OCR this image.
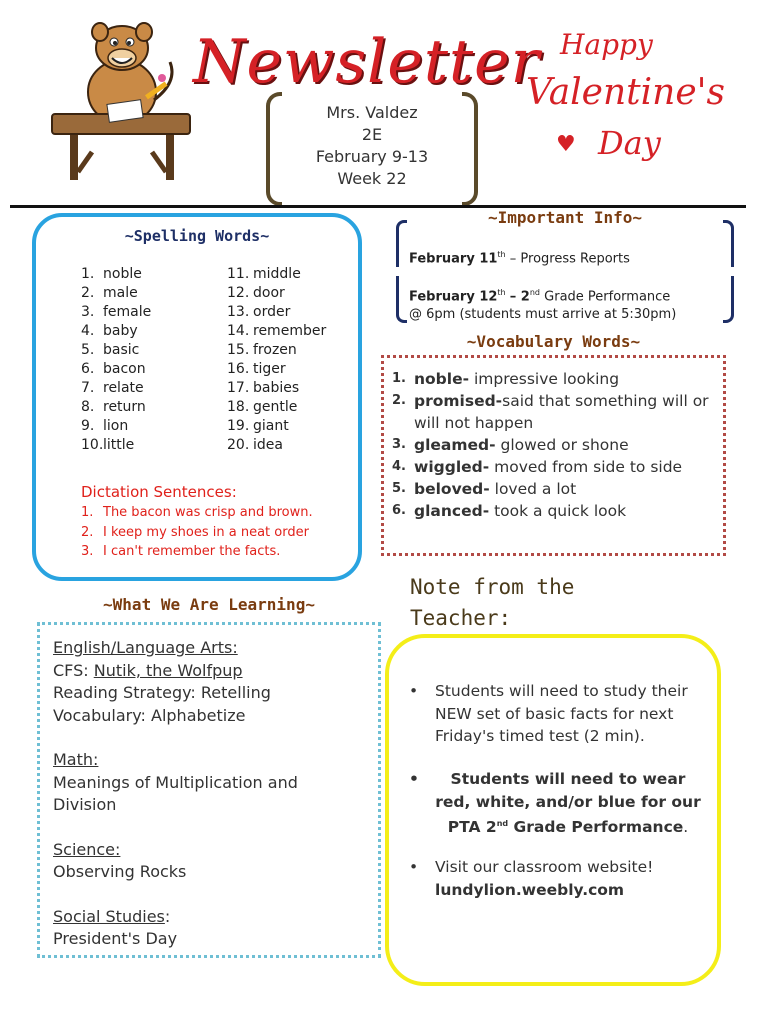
Newsletter
Mrs. Valdez
2E
February 9-13
Week 22
Happy
Valentine's
Day
♥
~Spelling Words~
1. noble
2. male
3. female
4. baby
5. basic
6. bacon
7. relate
8. return
9. lion
10.little
11. middle
12. door
13. order
14. remember
15. frozen
16. tiger
17. babies
18. gentle
19. giant
20. idea
Dictation Sentences:
1. The bacon was crisp and brown.
2. I keep my shoes in a neat order
3. I can't remember the facts.
~Important Info~
February 11th – Progress Reports
February 12th – 2nd Grade Performance
@ 6pm (students must arrive at 5:30pm)
~Vocabulary Words~
1. noble- impressive looking
2. promised-said that something will or will not happen
3. gleamed- glowed or shone
4. wiggled- moved from side to side
5. beloved- loved a lot
6. glanced- took a quick look
~What We Are Learning~
English/Language Arts:
CFS: Nutik, the Wolfpup
Reading Strategy: Retelling
Vocabulary: Alphabetize
Math:
Meanings of Multiplication and
Division
Science:
Observing Rocks
Social Studies:
President's Day
Note from the Teacher:
• Students will need to study their NEW set of basic facts for next Friday's timed test (2 min).
•	Students will need to wear red, white, and/or blue for our PTA 2nd Grade Performance.
• Visit our classroom website!
lundylion.weebly.com
